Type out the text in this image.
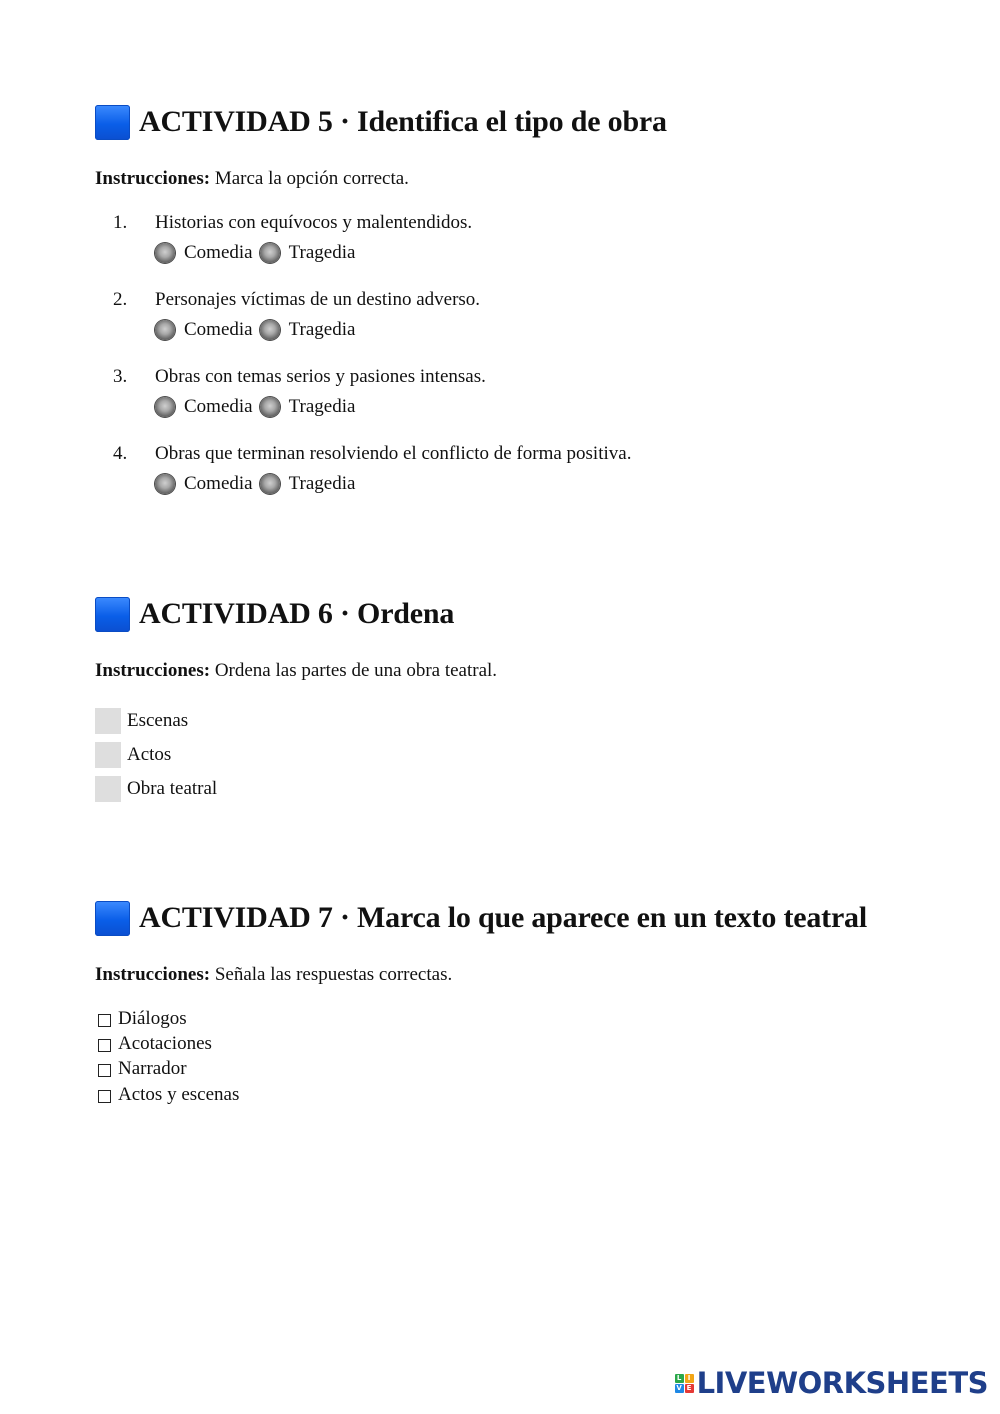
ACTIVIDAD 5 · Identifica el tipo de obra
Instrucciones: Marca la opción correcta.
1. Historias con equívocos y malentendidos.
Comedia Tragedia
2. Personajes víctimas de un destino adverso.
Comedia Tragedia
3. Obras con temas serios y pasiones intensas.
Comedia Tragedia
4. Obras que terminan resolviendo el conflicto de forma positiva.
Comedia Tragedia
ACTIVIDAD 6 · Ordena
Instrucciones: Ordena las partes de una obra teatral.
Escenas
Actos
Obra teatral
ACTIVIDAD 7 · Marca lo que aparece en un texto teatral
Instrucciones: Señala las respuestas correctas.
Diálogos
Acotaciones
Narrador
Actos y escenas
L I
V E LIVEWORKSHEETS
